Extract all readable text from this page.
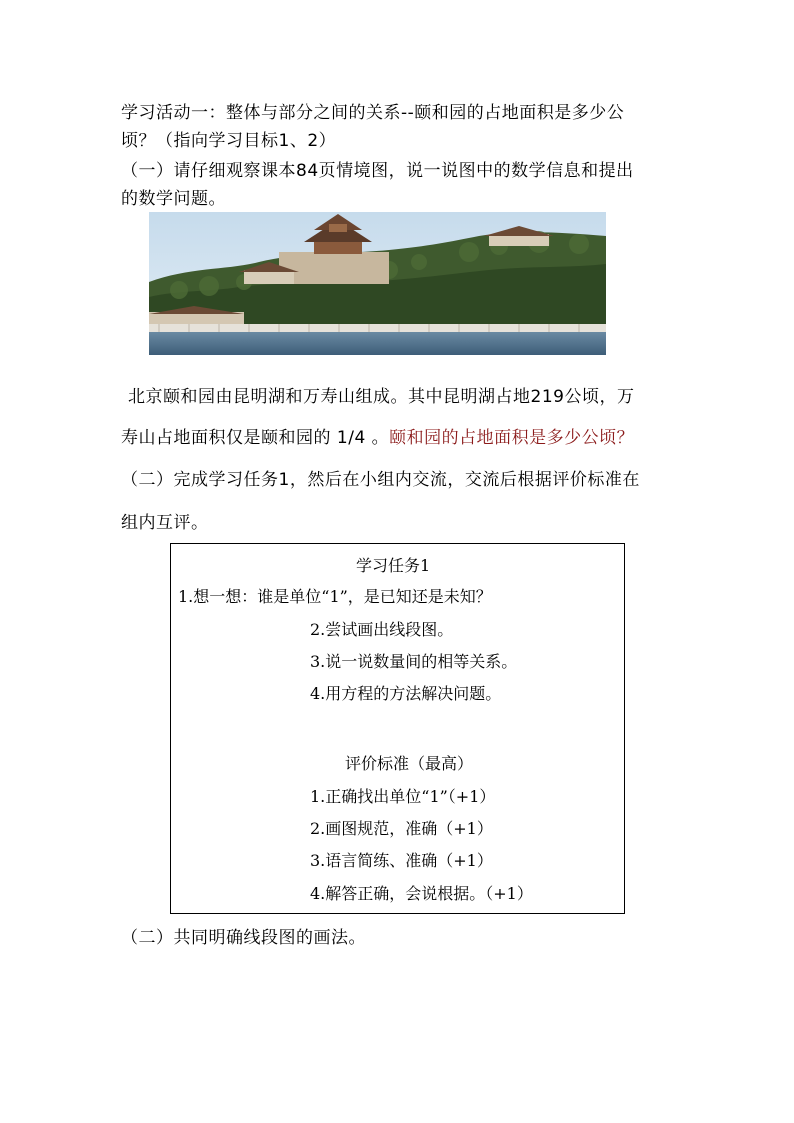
学习活动一：整体与部分之间的关系--颐和园的占地面积是多少公
顷？（指向学习目标1、2）
（一）请仔细观察课本84页情境图，说一说图中的数学信息和提出
的数学问题。
北京颐和园由昆明湖和万寿山组成。其中昆明湖占地219公顷，万
寿山占地面积仅是颐和园的 1/4 。颐和园的占地面积是多少公顷？
（二）完成学习任务1，然后在小组内交流，交流后根据评价标准在
组内互评。
学习任务1
1.想一想：谁是单位“1”，是已知还是未知？
2.尝试画出线段图。
3.说一说数量间的相等关系。
4.用方程的方法解决问题。
评价标准（最高）
1.正确找出单位“1”（+1）
2.画图规范，准确（+1）
3.语言简练、准确（+1）
4.解答正确，会说根据。（+1）
（二）共同明确线段图的画法。
